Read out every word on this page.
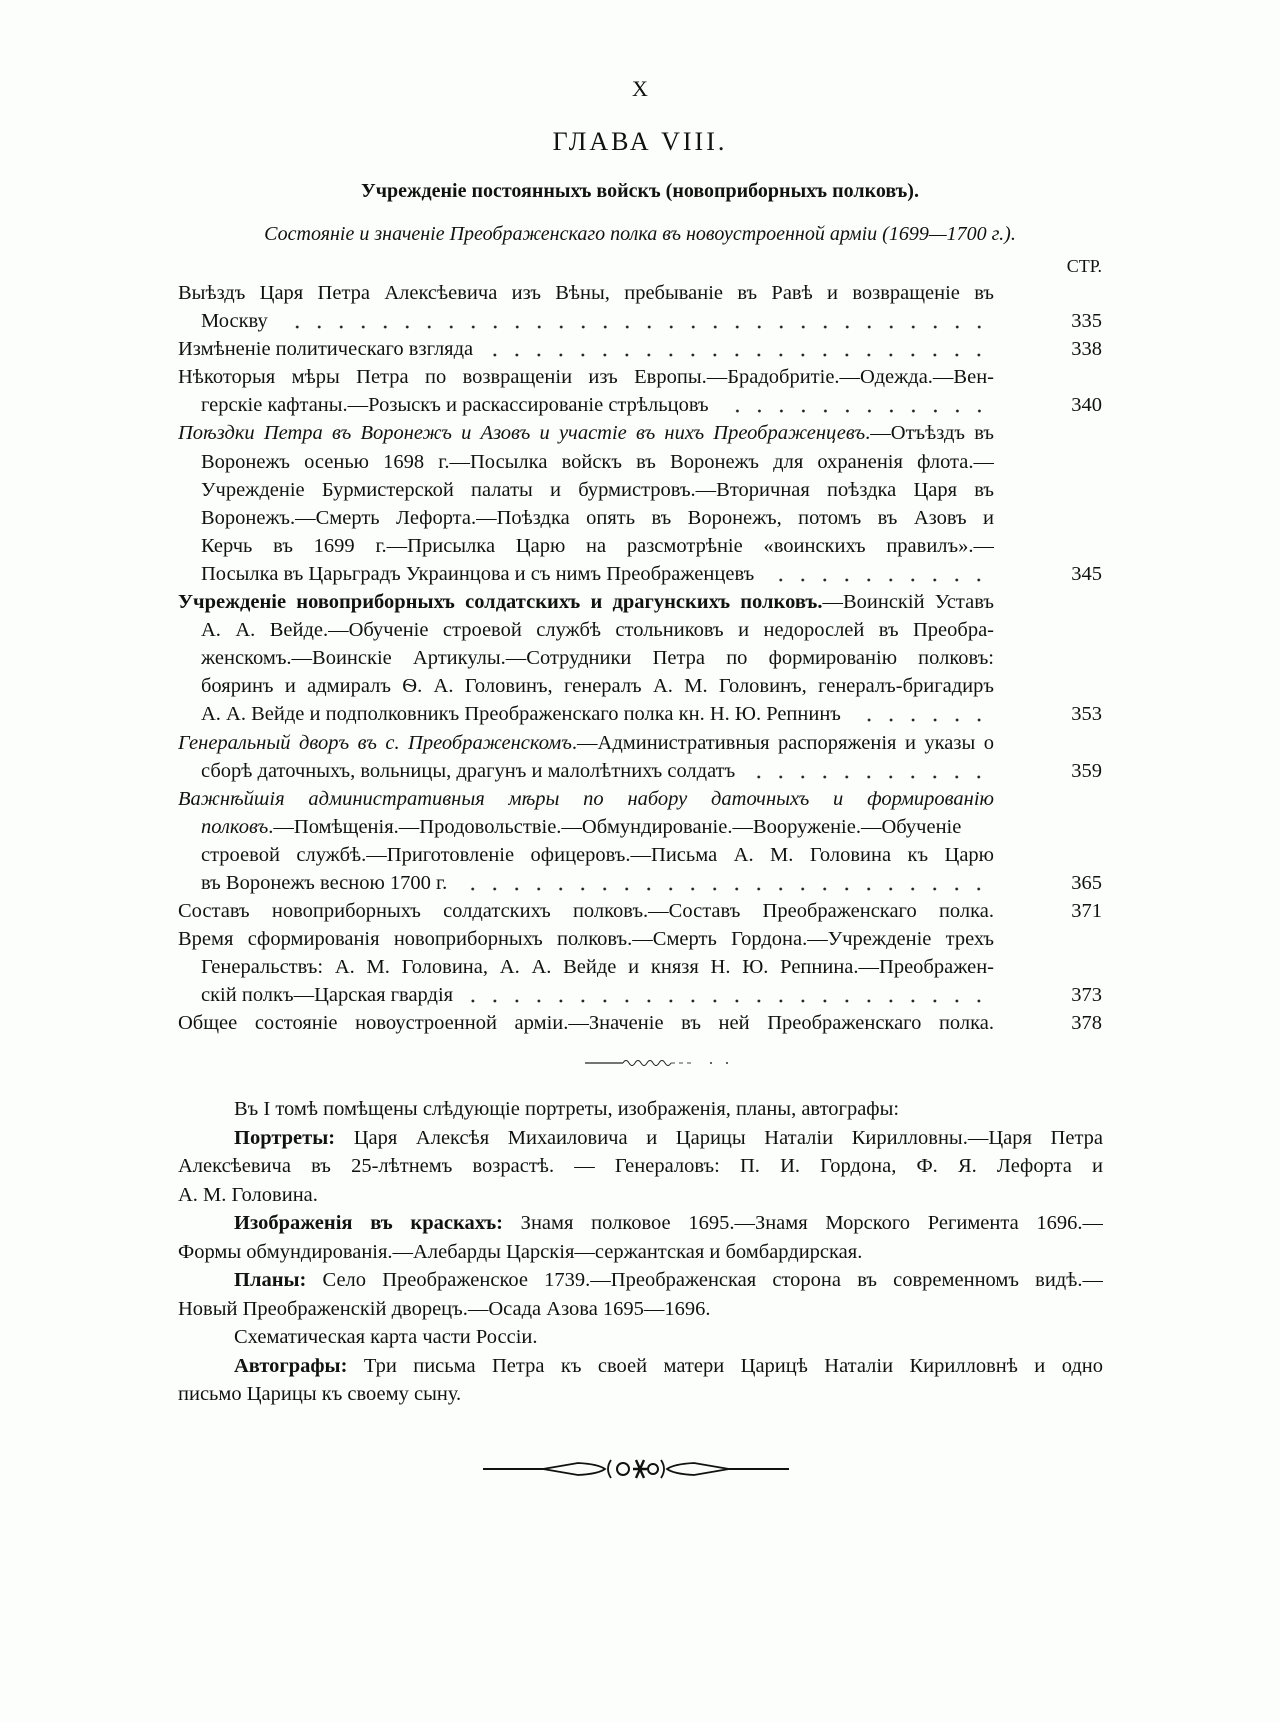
X
ГЛАВА VIII.
Учрежденіе постоянныхъ войскъ (новоприборныхъ полковъ).
Состояніе и значеніе Преображенскаго полка въ новоустроенной арміи (1699—1700 г.).
СТР.
Выѣздъ Царя Петра Алексѣевича изъ Вѣны, пребываніе въ Равѣ и возвращеніе въ
Москву	335
Измѣненіе политическаго взгляда	338
Нѣкоторыя мѣры Петра по возвращеніи изъ Европы.—Брадобритіе.—Одежда.—Вен-
герскіе кафтаны.—Розыскъ и раскассированіе стрѣльцовъ	340
Поѣздки Петра въ Воронежъ и Азовъ и участіе въ нихъ Преображенцевъ.—Отъѣздъ въ
Воронежъ осенью 1698 г.—Посылка войскъ въ Воронежъ для охраненія флота.—
Учрежденіе Бурмистерской палаты и бурмистровъ.—Вторичная поѣздка Царя въ
Воронежъ.—Смерть Лефорта.—Поѣздка опять въ Воронежъ, потомъ въ Азовъ и
Керчь въ 1699 г.—Присылка Царю на разсмотрѣніе «воинскихъ правилъ».—
Посылка въ Царьградъ Украинцова и съ нимъ Преображенцевъ	345
Учрежденіе новоприборныхъ солдатскихъ и драгунскихъ полковъ.—Воинскій Уставъ
А. А. Вейде.—Обученіе строевой службѣ стольниковъ и недорослей въ Преобра-
женскомъ.—Воинскіе Артикулы.—Сотрудники Петра по формированію полковъ:
бояринъ и адмиралъ Ѳ. А. Головинъ, генералъ А. М. Головинъ, генералъ-бригадиръ
А. А. Вейде и подполковникъ Преображенскаго полка кн. Н. Ю. Репнинъ	353
Генеральный дворъ въ с. Преображенскомъ.—Административныя распоряженія и указы о
сборѣ даточныхъ, вольницы, драгунъ и малолѣтнихъ солдатъ	359
Важнѣйшія административныя мѣры по набору даточныхъ и формированію
полковъ.—Помѣщенія.—Продовольствіе.—Обмундированіе.—Вооруженіе.—Обученіе
строевой службѣ.—Приготовленіе офицеровъ.—Письма А. М. Головина къ Царю
въ Воронежъ весною 1700 г.	365
Составъ новоприборныхъ солдатскихъ полковъ.—Составъ Преображенскаго полка.	371
Время сформированія новоприборныхъ полковъ.—Смерть Гордона.—Учрежденіе трехъ
Генеральствъ: А. М. Головина, А. А. Вейде и князя Н. Ю. Репнина.—Преображен-
скій полкъ—Царская гвардія	373
Общее состояніе новоустроенной арміи.—Значеніе въ ней Преображенскаго полка.	378
Въ I томѣ помѣщены слѣдующіе портреты, изображенія, планы, автографы:
Портреты: Царя Алексѣя Михаиловича и Царицы Наталіи Кирилловны.—Царя Петра
Алексѣевича въ 25-лѣтнемъ возрастѣ. — Генераловъ: П. И. Гордона, Ф. Я. Лефорта и
А. М. Головина.
Изображенія въ краскахъ: Знамя полковое 1695.—Знамя Морского Регимента 1696.—
Формы обмундированія.—Алебарды Царскія—сержантская и бомбардирская.
Планы: Село Преображенское 1739.—Преображенская сторона въ современномъ видѣ.—
Новый Преображенскій дворецъ.—Осада Азова 1695—1696.
Схематическая карта части Россіи.
Автографы: Три письма Петра къ своей матери Царицѣ Наталіи Кирилловнѣ и одно
письмо Царицы къ своему сыну.
